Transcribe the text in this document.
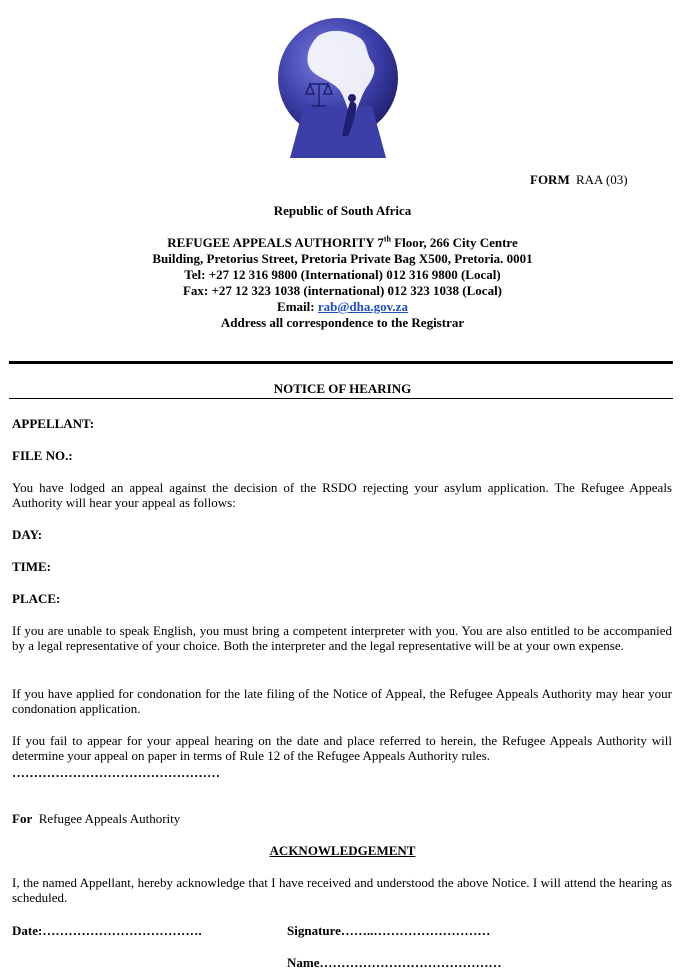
FORM RAA (03)
Republic of South Africa
REFUGEE APPEALS AUTHORITY 7th Floor, 266 City Centre
Building, Pretorius Street, Pretoria Private Bag X500, Pretoria. 0001
Tel: +27 12 316 9800 (International) 012 316 9800 (Local)
Fax: +27 12 323 1038 (international) 012 323 1038 (Local)
Email: rab@dha.gov.za
Address all correspondence to the Registrar
NOTICE OF HEARING
APPELLANT:
FILE NO.:
You have lodged an appeal against the decision of the RSDO rejecting your asylum application. The Refugee Appeals Authority will hear your appeal as follows:
DAY:
TIME:
PLACE:
If you are unable to speak English, you must bring a competent interpreter with you. You are also entitled to be accompanied by a legal representative of your choice. Both the interpreter and the legal representative will be at your own expense.
If you have applied for condonation for the late filing of the Notice of Appeal, the Refugee Appeals Authority may hear your condonation application.
If you fail to appear for your appeal hearing on the date and place referred to herein, the Refugee Appeals Authority will determine your appeal on paper in terms of Rule 12 of the Refugee Appeals Authority rules.
…………………………………………
For  Refugee Appeals Authority
ACKNOWLEDGEMENT
I, the named Appellant, hereby acknowledge that I have received and understood the above Notice. I will attend the hearing as scheduled.
Date:……………………………….	Signature……..………………………
Name……………………………………
